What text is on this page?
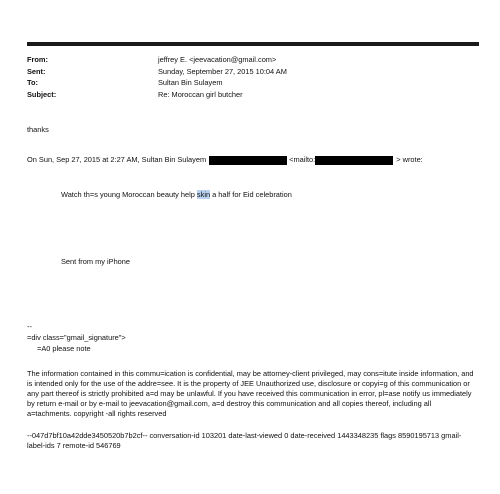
From:	jeffrey E. <jeevacation@gmail.com>
Sent:	Sunday, September 27, 2015 10:04 AM
To:	Sultan Bin Sulayem
Subject:	Re: Moroccan girl butcher
thanks
On Sun, Sep 27, 2015 at 2:27 AM, Sultan Bin Sulayem	<mailto:	> wrote:
Watch th=s young Moroccan beauty help skin a half for Eid celebration
Sent from my iPhone
--
=div class="gmail_signature">
=A0 please note
The information contained in this commu=ication is confidential, may be attorney-client privileged, may cons=itute inside information, and is intended only for the use of the addre=see. It is the property of JEE Unauthorized use, disclosure or copyi=g of this communication or any part thereof is strictly prohibited a=d may be unlawful. If you have received this communication in error, pl=ase notify us immediately by return e-mail or by e-mail to jeevacation@gmail.com, a=d destroy this communication and all copies thereof, including all a=tachments. copyright -all rights reserved
--047d7bf10a42dde3450520b7b2cf-- conversation-id 103201 date-last-viewed 0 date-received 1443348235 flags 8590195713 gmail-label-ids 7 remote-id 546769
